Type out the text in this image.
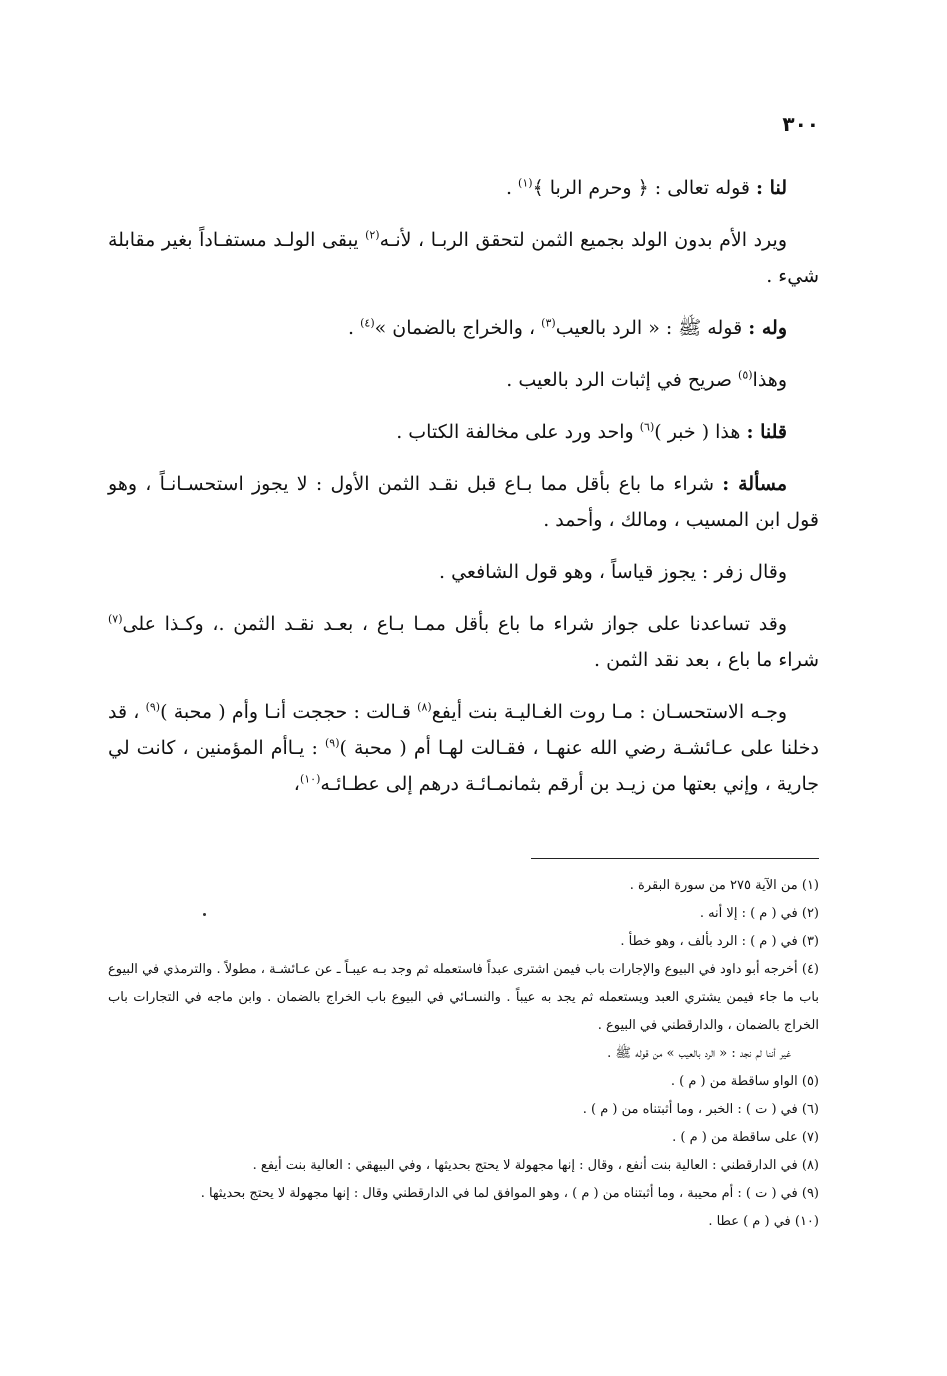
٣٠٠

لنا : قوله تعالى : ﴿ وحرم الربا ﴾$^{(١)}$ .

ويرد الأم بدون الولد بجميع الثمن لتحقق الربـا ، لأنـه$^{(٢)}$ يبقى الولـد مستفـاداً بغير مقابلة شيء .

وله : قوله ﷺ : « الرد بالعيب$^{(٣)}$ ، والخراج بالضمان »$^{(٤)}$ .

وهذا$^{(٥)}$ صريح في إثبات الرد بالعيب .

قلنا : هذا ( خبر )$^{(٦)}$ واحد ورد على مخالفة الكتاب .

مسألة : شراء ما باع بأقل مما بـاع قبل نقـد الثمن الأول : لا يجوز استحسـانـاً ، وهو قول ابن المسيب ، ومالك ، وأحمد .

وقال زفر : يجوز قياساً ، وهو قول الشافعي .

وقد تساعدنا على جواز شراء ما باع بأقل ممـا بـاع ، بعـد نقـد الثمن .، وكـذا على$^{(٧)}$ شراء ما باع ، بعد نقد الثمن .

وجـه الاستحسـان : مـا روت الغـاليـة بنت أيفع$^{(٨)}$ قـالت : حججت أنـا وأم ( محبة )$^{(٩)}$ ، قد دخلنا على عـائشـة رضي الله عنهـا ، فقـالت لهـا أم ( محبة )$^{(٩)}$ : يـاأم المؤمنين ، كانت لي جارية ، وإني بعتها من زيـد بن أرقم بثمانمـائـة درهم إلى عطـائـه$^{(١٠)}$،

(١) من الآية ٢٧٥ من سورة البقرة .

(٢) في ( م ) : إلا أنه .

(٣) في ( م ) : الرد بألف ، وهو خطأ .

(٤) أخرجه أبو داود في البيوع والإجارات باب فيمن اشترى عبداً فاستعمله ثم وجد بـه عيبـاً ـ عن عـائشـة ، مطولاً . والترمذي في البيوع باب ما جاء فيمن يشتري العبد ويستعمله ثم يجد به عيباً . والنسـائي في البيوع باب الخراج بالضمان . وابن ماجه في التجارات باب الخراج بالضمان ، والدارقطني في البيوع .

غير أننا لم نجد : « الرد بالعيب » من قوله ﷺ .

(٥) الواو ساقطة من ( م ) .

(٦) في ( ت ) : الخبر ، وما أثبتناه من ( م ) .

(٧) على ساقطة من ( م ) .

(٨) في الدارقطني : العالية بنت أنفع ، وقال : إنها مجهولة لا يحتج بحديثها ، وفي البيهقي : العالية بنت أيفع .

(٩) في ( ت ) : أم محيبة ، وما أثبتناه من ( م ) ، وهو الموافق لما في الدارقطني وقال : إنها مجهولة لا يحتج بحديثها .

(١٠) في ( م ) عطا .
